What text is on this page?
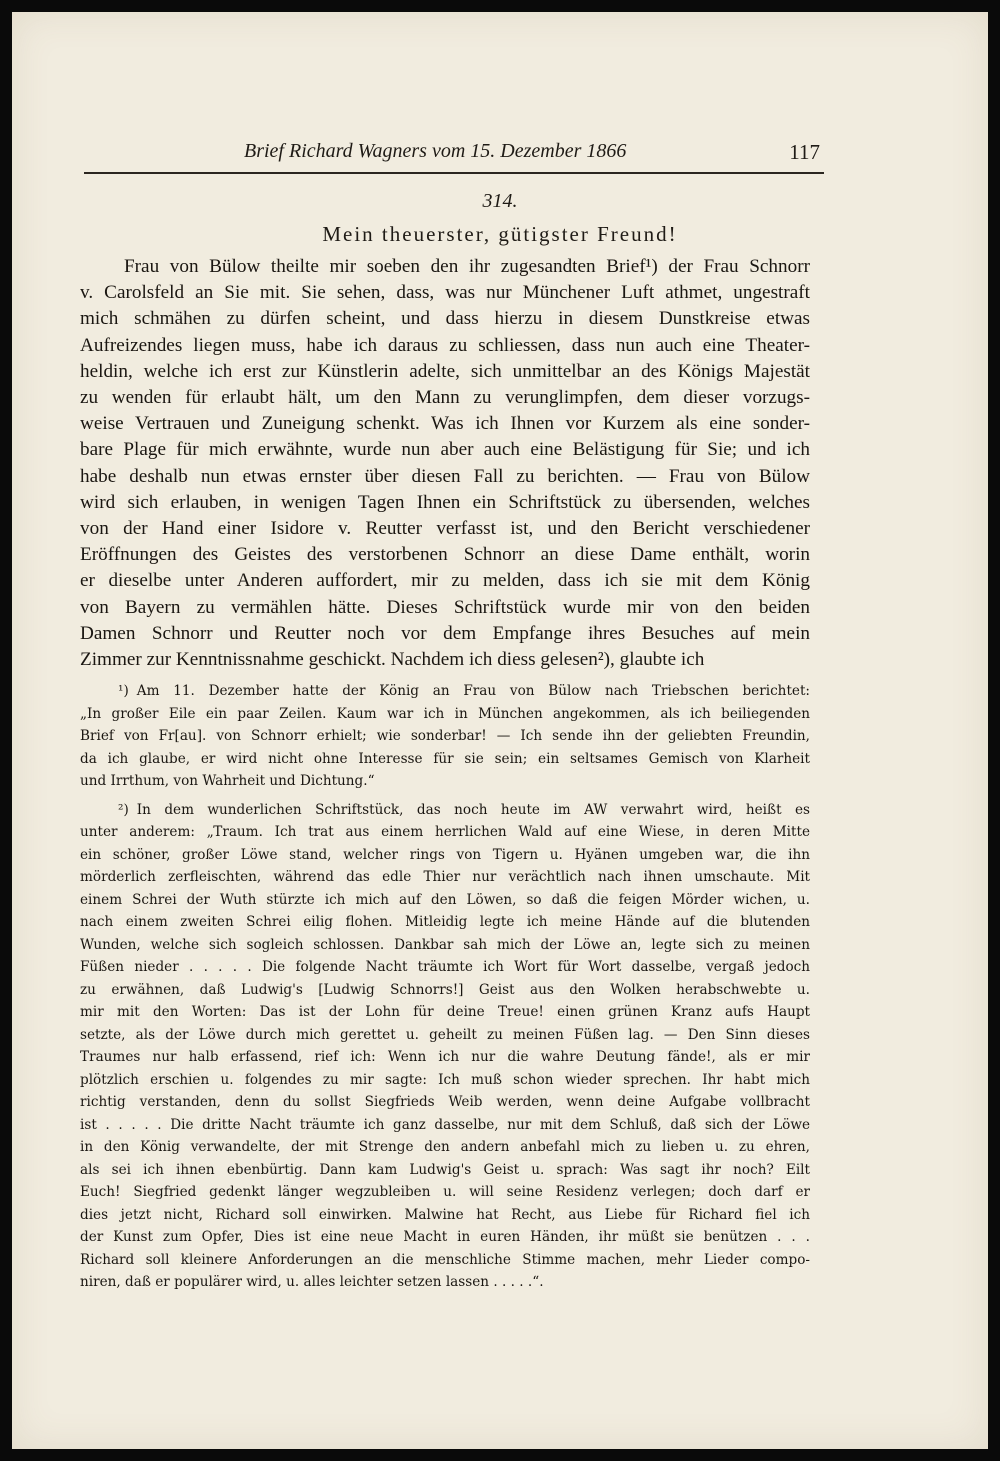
Brief Richard Wagners vom 15. Dezember 1866	117
314.
Mein theuerster, gütigster Freund!
Frau von Bülow theilte mir soeben den ihr zugesandten Brief¹) der Frau Schnorr
v. Carolsfeld an Sie mit. Sie sehen, dass, was nur Münchener Luft athmet, ungestraft
mich schmähen zu dürfen scheint, und dass hierzu in diesem Dunstkreise etwas
Aufreizendes liegen muss, habe ich daraus zu schliessen, dass nun auch eine Theater-
heldin, welche ich erst zur Künstlerin adelte, sich unmittelbar an des Königs Majestät
zu wenden für erlaubt hält, um den Mann zu verunglimpfen, dem dieser vorzugs-
weise Vertrauen und Zuneigung schenkt. Was ich Ihnen vor Kurzem als eine sonder-
bare Plage für mich erwähnte, wurde nun aber auch eine Belästigung für Sie; und ich
habe deshalb nun etwas ernster über diesen Fall zu berichten. — Frau von Bülow
wird sich erlauben, in wenigen Tagen Ihnen ein Schriftstück zu übersenden, welches
von der Hand einer Isidore v. Reutter verfasst ist, und den Bericht verschiedener
Eröffnungen des Geistes des verstorbenen Schnorr an diese Dame enthält, worin
er dieselbe unter Anderen auffordert, mir zu melden, dass ich sie mit dem König
von Bayern zu vermählen hätte. Dieses Schriftstück wurde mir von den beiden
Damen Schnorr und Reutter noch vor dem Empfange ihres Besuches auf mein
Zimmer zur Kenntnissnahme geschickt. Nachdem ich diess gelesen²), glaubte ich
¹) Am 11. Dezember hatte der König an Frau von Bülow nach Triebschen berichtet:
„In großer Eile ein paar Zeilen. Kaum war ich in München angekommen, als ich beiliegenden
Brief von Fr[au]. von Schnorr erhielt; wie sonderbar! — Ich sende ihn der geliebten Freundin,
da ich glaube, er wird nicht ohne Interesse für sie sein; ein seltsames Gemisch von Klarheit
und Irrthum, von Wahrheit und Dichtung.“
²) In dem wunderlichen Schriftstück, das noch heute im AW verwahrt wird, heißt es
unter anderem: „Traum. Ich trat aus einem herrlichen Wald auf eine Wiese, in deren Mitte
ein schöner, großer Löwe stand, welcher rings von Tigern u. Hyänen umgeben war, die ihn
mörderlich zerfleischten, während das edle Thier nur verächtlich nach ihnen umschaute. Mit
einem Schrei der Wuth stürzte ich mich auf den Löwen, so daß die feigen Mörder wichen, u.
nach einem zweiten Schrei eilig flohen. Mitleidig legte ich meine Hände auf die blutenden
Wunden, welche sich sogleich schlossen. Dankbar sah mich der Löwe an, legte sich zu meinen
Füßen nieder . . . . . Die folgende Nacht träumte ich Wort für Wort dasselbe, vergaß jedoch
zu erwähnen, daß Ludwig's [Ludwig Schnorrs!] Geist aus den Wolken herabschwebte u.
mir mit den Worten: Das ist der Lohn für deine Treue! einen grünen Kranz aufs Haupt
setzte, als der Löwe durch mich gerettet u. geheilt zu meinen Füßen lag. — Den Sinn dieses
Traumes nur halb erfassend, rief ich: Wenn ich nur die wahre Deutung fände!, als er mir
plötzlich erschien u. folgendes zu mir sagte: Ich muß schon wieder sprechen. Ihr habt mich
richtig verstanden, denn du sollst Siegfrieds Weib werden, wenn deine Aufgabe vollbracht
ist . . . . . Die dritte Nacht träumte ich ganz dasselbe, nur mit dem Schluß, daß sich der Löwe
in den König verwandelte, der mit Strenge den andern anbefahl mich zu lieben u. zu ehren,
als sei ich ihnen ebenbürtig. Dann kam Ludwig's Geist u. sprach: Was sagt ihr noch? Eilt
Euch! Siegfried gedenkt länger wegzubleiben u. will seine Residenz verlegen; doch darf er
dies jetzt nicht, Richard soll einwirken. Malwine hat Recht, aus Liebe für Richard fiel ich
der Kunst zum Opfer, Dies ist eine neue Macht in euren Händen, ihr müßt sie benützen . . .
Richard soll kleinere Anforderungen an die menschliche Stimme machen, mehr Lieder compo-
niren, daß er populärer wird, u. alles leichter setzen lassen . . . . .“.
